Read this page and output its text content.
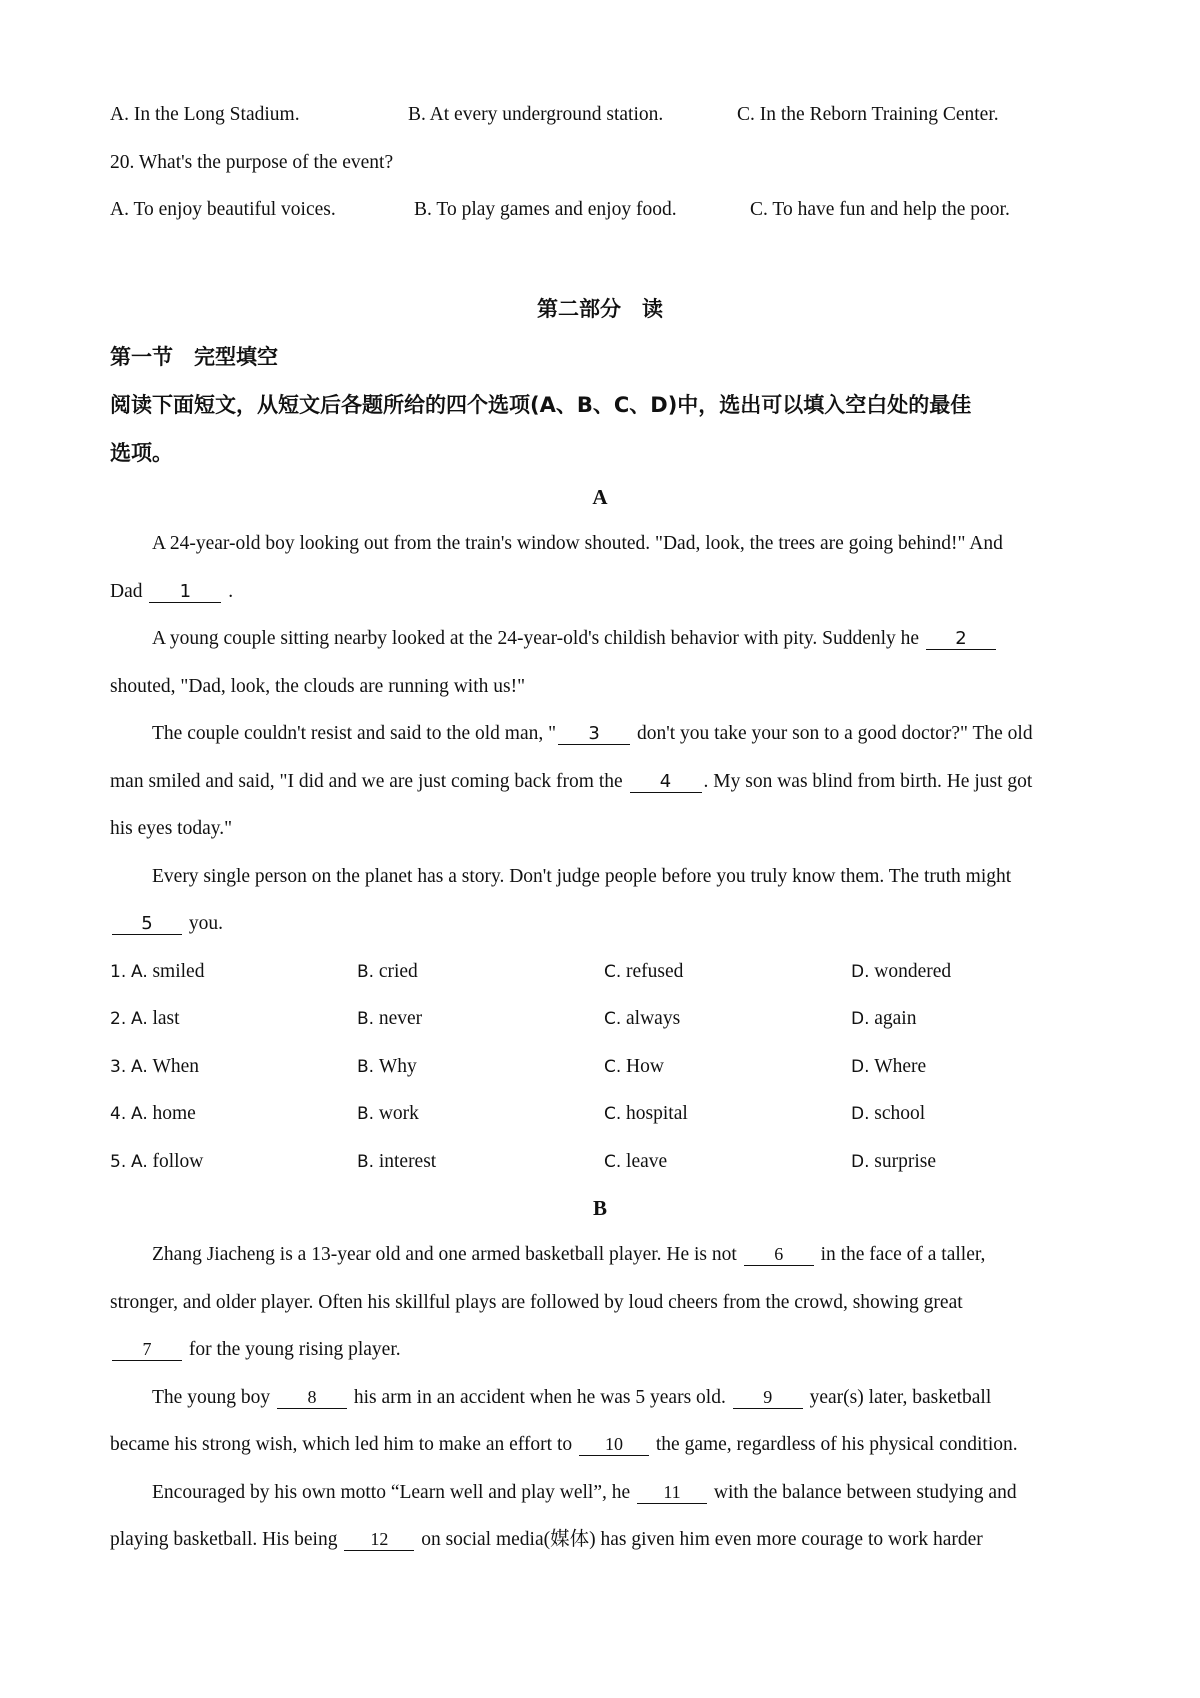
A. In the Long Stadium.	B. At every underground station.	C. In the Reborn Training Center.
20. What's the purpose of the event?
A. To enjoy beautiful voices.	B. To play games and enjoy food.	C. To have fun and help the poor.
第二部分　读
第一节　完型填空
阅读下面短文，从短文后各题所给的四个选项(A、B、C、D)中，选出可以填入空白处的最佳
选项。
A
A 24-year-old boy looking out from the train's window shouted. "Dad, look, the trees are going behind!" And
Dad 1 .
A young couple sitting nearby looked at the 24-year-old's childish behavior with pity. Suddenly he 2
shouted, "Dad, look, the clouds are running with us!"
The couple couldn't resist and said to the old man, " 3 don't you take your son to a good doctor?" The old
man smiled and said, "I did and we are just coming back from the 4 . My son was blind from birth. He just got
his eyes today."
Every single person on the planet has a story. Don't judge people before you truly know them. The truth might
5 you.
1. A. smiled	B. cried	C. refused	D. wondered
2. A. last	B. never	C. always	D. again
3. A. When	B. Why	C. How	D. Where
4. A. home	B. work	C. hospital	D. school
5. A. follow	B. interest	C. leave	D. surprise
B
Zhang Jiacheng is a 13-year old and one armed basketball player. He is not 6 in the face of a taller,
stronger, and older player. Often his skillful plays are followed by loud cheers from the crowd, showing great
7 for the young rising player.
The young boy 8 his arm in an accident when he was 5 years old. 9 year(s) later, basketball
became his strong wish, which led him to make an effort to 10 the game, regardless of his physical condition.
Encouraged by his own motto “Learn well and play well”, he 11 with the balance between studying and
playing basketball. His being 12 on social media(媒体) has given him even more courage to work harder
